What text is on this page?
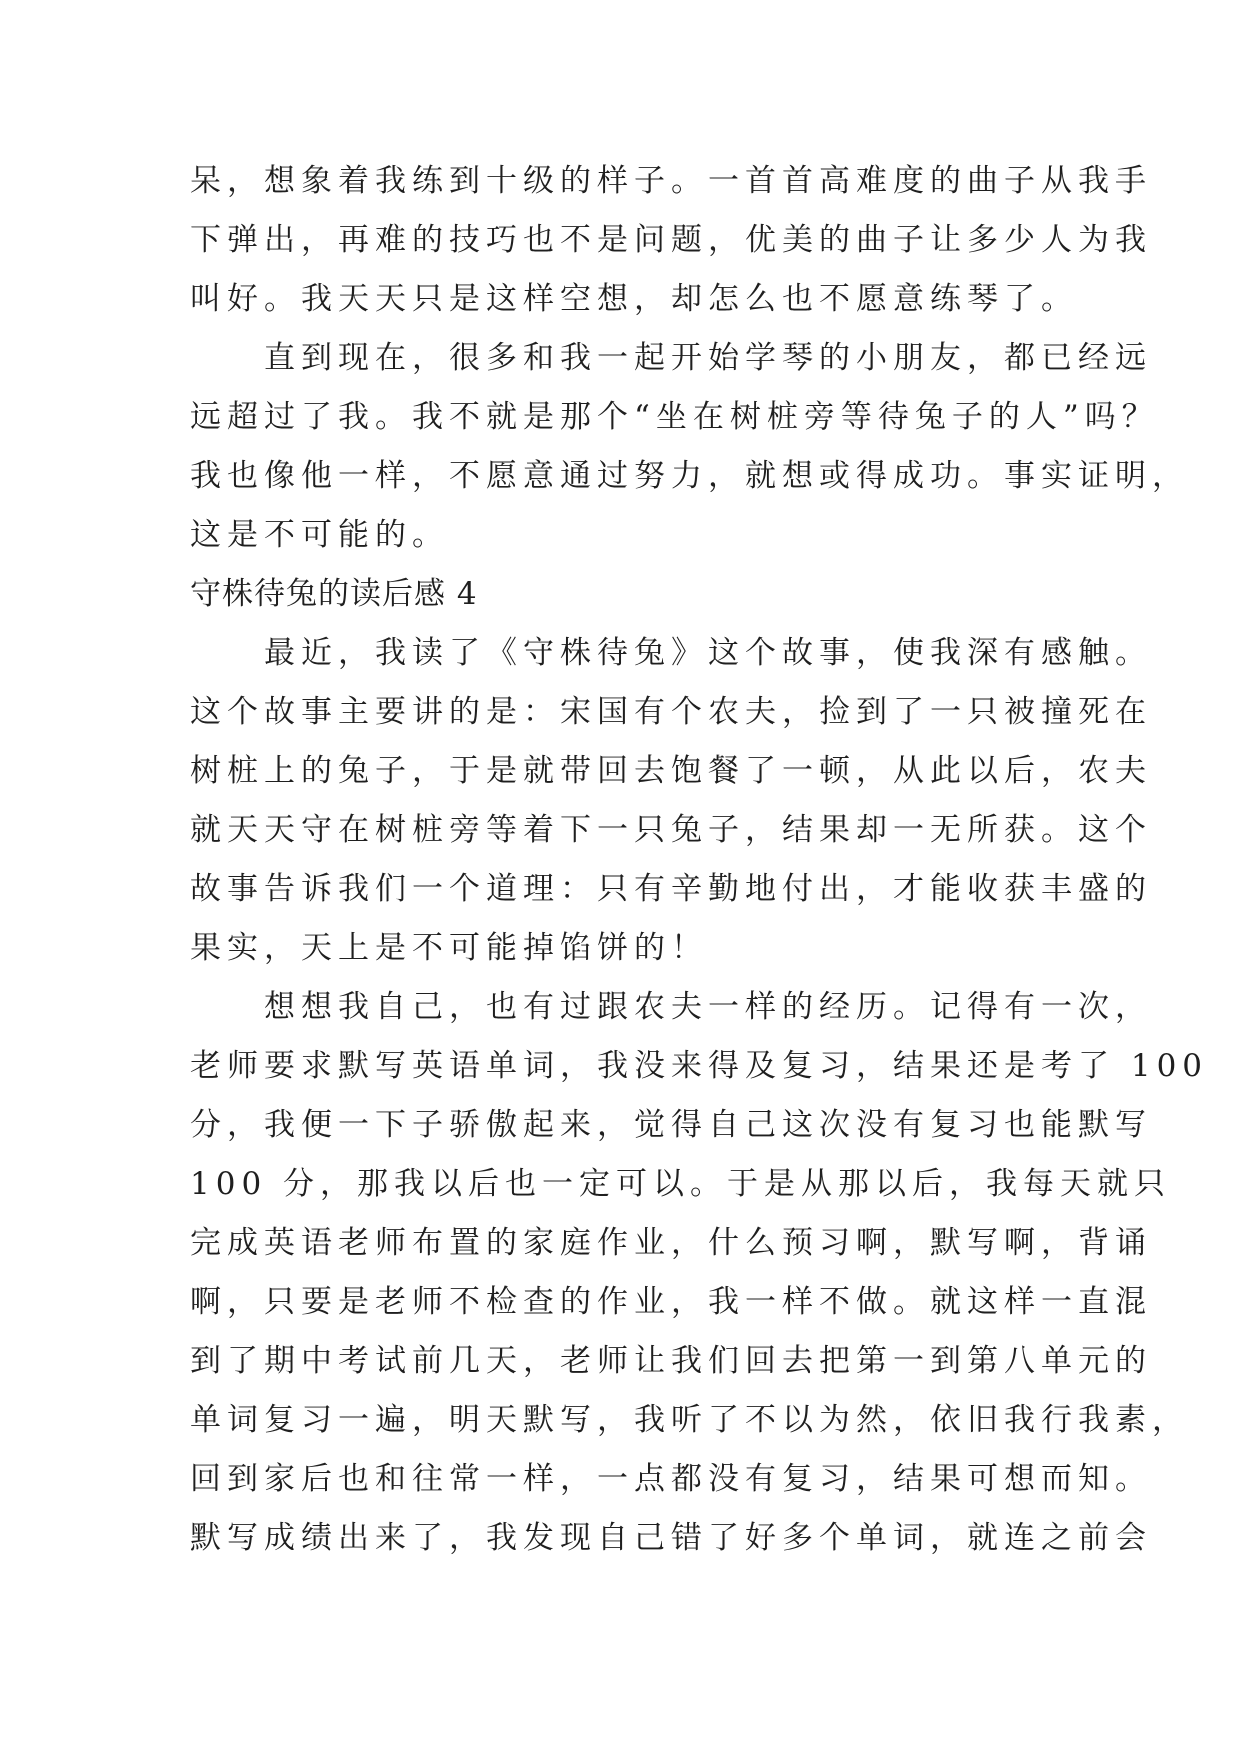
呆，想象着我练到十级的样子。一首首高难度的曲子从我手
下弹出，再难的技巧也不是问题，优美的曲子让多少人为我
叫好。我天天只是这样空想，却怎么也不愿意练琴了。
　　直到现在，很多和我一起开始学琴的小朋友，都已经远
远超过了我。我不就是那个“坐在树桩旁等待兔子的人”吗？
我也像他一样，不愿意通过努力，就想或得成功。事实证明，
这是不可能的。
守株待兔的读后感 4
　　最近，我读了《守株待兔》这个故事，使我深有感触。
这个故事主要讲的是：宋国有个农夫，捡到了一只被撞死在
树桩上的兔子，于是就带回去饱餐了一顿，从此以后，农夫
就天天守在树桩旁等着下一只兔子，结果却一无所获。这个
故事告诉我们一个道理：只有辛勤地付出，才能收获丰盛的
果实，天上是不可能掉馅饼的！
　　想想我自己，也有过跟农夫一样的经历。记得有一次，
老师要求默写英语单词，我没来得及复习，结果还是考了 100
分，我便一下子骄傲起来，觉得自己这次没有复习也能默写
100 分，那我以后也一定可以。于是从那以后，我每天就只
完成英语老师布置的家庭作业，什么预习啊，默写啊，背诵
啊，只要是老师不检查的作业，我一样不做。就这样一直混
到了期中考试前几天，老师让我们回去把第一到第八单元的
单词复习一遍，明天默写，我听了不以为然，依旧我行我素，
回到家后也和往常一样，一点都没有复习，结果可想而知。
默写成绩出来了，我发现自己错了好多个单词，就连之前会
